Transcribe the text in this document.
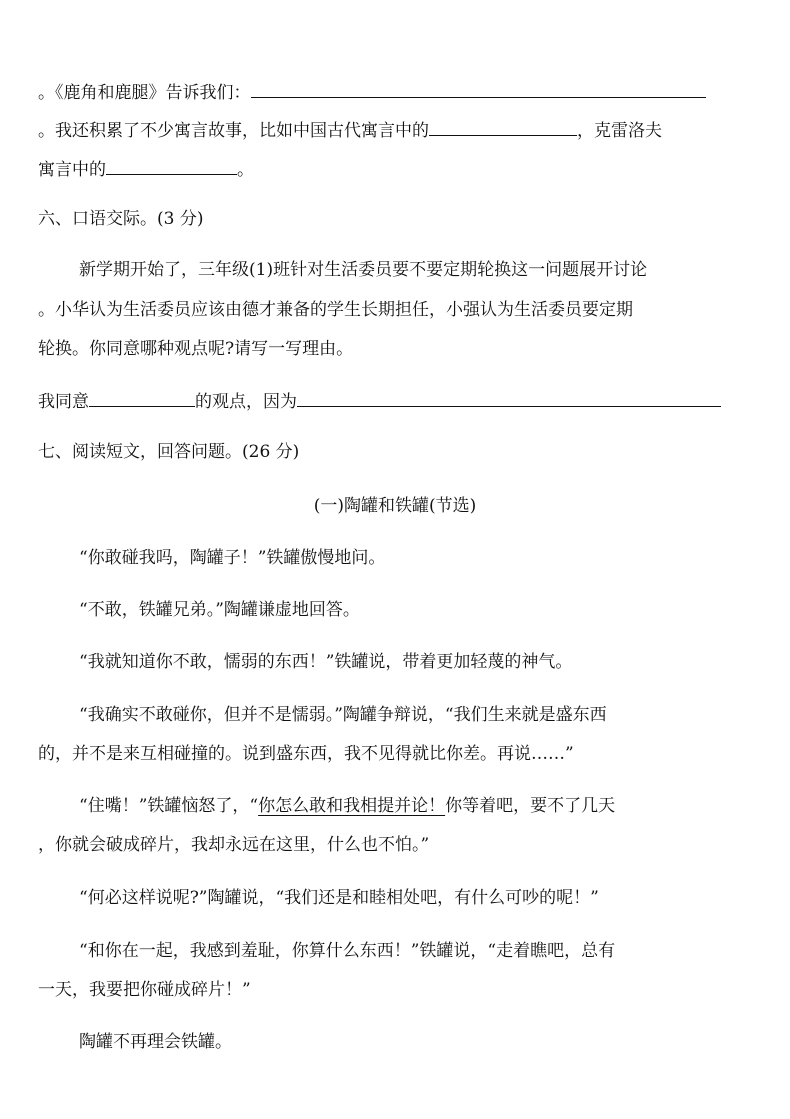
。《鹿角和鹿腿》告诉我们：
。我还积累了不少寓言故事，比如中国古代寓言中的	，克雷洛夫
寓言中的	。
六、口语交际。(3 分)
新学期开始了，三年级(1)班针对生活委员要不要定期轮换这一问题展开讨论
。小华认为生活委员应该由德才兼备的学生长期担任，小强认为生活委员要定期
轮换。你同意哪种观点呢?请写一写理由。
我同意	的观点，因为
七、阅读短文，回答问题。(26 分)
(一)陶罐和铁罐(节选)
“你敢碰我吗，陶罐子！”铁罐傲慢地问。
“不敢，铁罐兄弟。”陶罐谦虚地回答。
“我就知道你不敢，懦弱的东西！”铁罐说，带着更加轻蔑的神气。
“我确实不敢碰你，但并不是懦弱。”陶罐争辩说，“我们生来就是盛东西
的，并不是来互相碰撞的。说到盛东西，我不见得就比你差。再说……”
“住嘴！”铁罐恼怒了，“你怎么敢和我相提并论！你等着吧，要不了几天
，你就会破成碎片，我却永远在这里，什么也不怕。”
“何必这样说呢?”陶罐说，“我们还是和睦相处吧，有什么可吵的呢！”
“和你在一起，我感到羞耻，你算什么东西！”铁罐说，“走着瞧吧，总有
一天，我要把你碰成碎片！”
陶罐不再理会铁罐。
